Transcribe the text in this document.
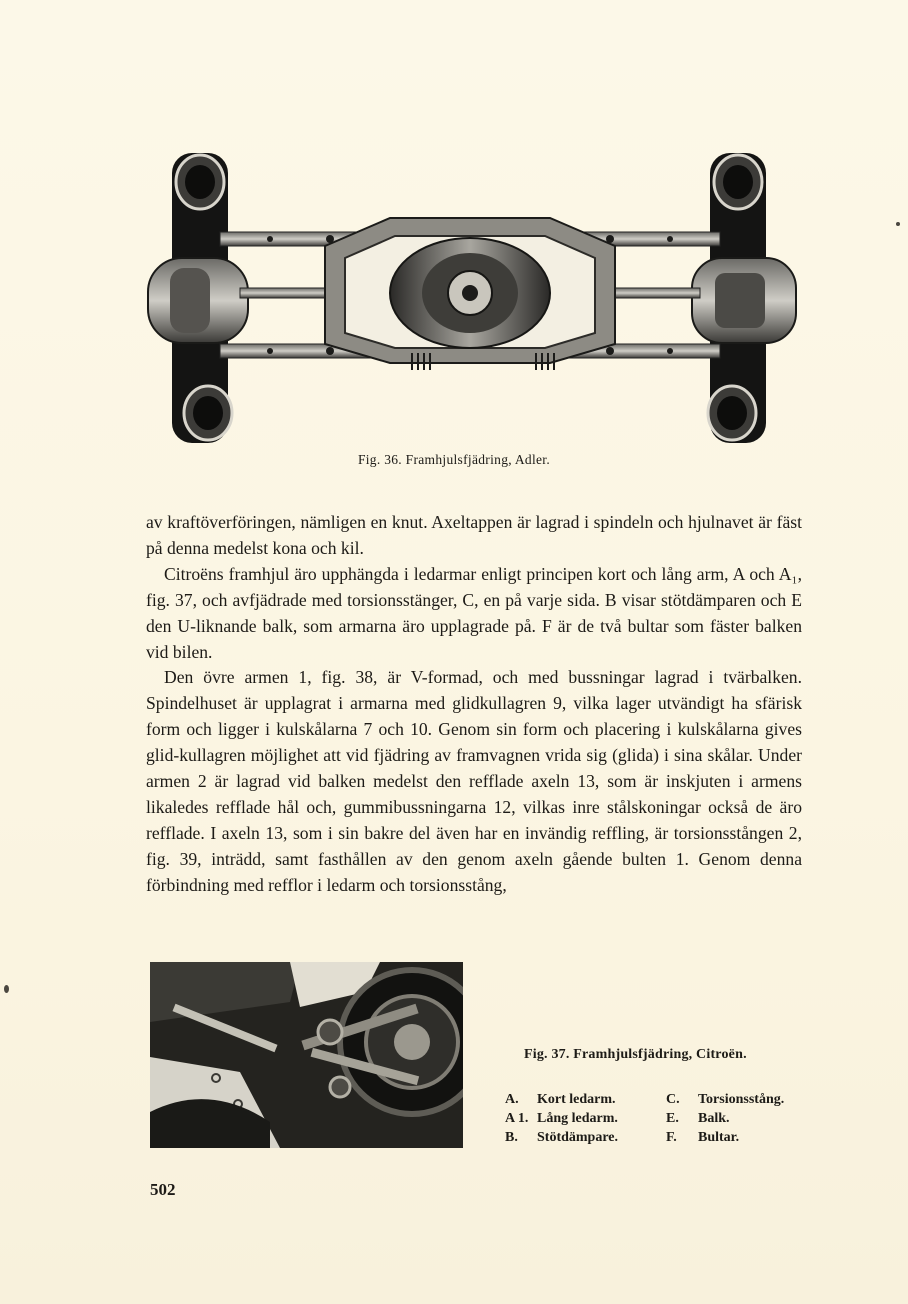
Fig. 36. Framhjulsfjädring, Adler.

av kraftöverföringen, nämligen en knut. Axeltappen är lagrad i spindeln och hjulnavet är fäst på denna medelst kona och kil.

Citroëns framhjul äro upphängda i ledarmar enligt principen kort och lång arm, A och A₁, fig. 37, och avfjädrade med torsionsstänger, C, en på varje sida. B visar stötdämparen och E den U-liknande balk, som armarna äro upplagrade på. F är de två bultar som fäster balken vid bilen.

Den övre armen 1, fig. 38, är V-formad, och med bussningar lagrad i tvärbalken. Spindelhuset är upplagrat i armarna med glidkullagren 9, vilka lager utvändigt ha sfärisk form och ligger i kulskålarna 7 och 10. Genom sin form och placering i kulskålarna gives glid-kullagren möjlighet att vid fjädring av framvagnen vrida sig (glida) i sina skålar. Under armen 2 är lagrad vid balken medelst den refflade axeln 13, som är inskjuten i armens likaledes refflade hål och, gummibussningarna 12, vilkas inre stålskoningar också de äro refflade. I axeln 13, som i sin bakre del även har en invändig reffling, är torsionsstången 2, fig. 39, inträdd, samt fasthållen av den genom axeln gående bulten 1. Genom denna förbindning med refflor i ledarm och torsionsstång,

Fig. 37. Framhjulsfjädring, Citroën.
A. Kort ledarm.
A 1. Lång ledarm.
B. Stötdämpare.
C. Torsionsstång.
E. Balk.
F. Bultar.
502
